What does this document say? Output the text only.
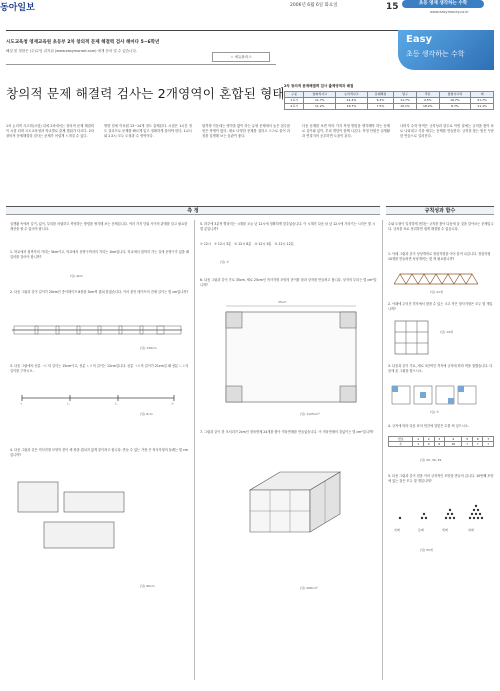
동아일보	2006년 6월 6일 화요일	15	초등 영재 생각하는 수학
www.easymoney.co.kr
Easy
초등 생각하는 수학
시도교육청 영재교육원 초등부 2차 창의적 문제 해결력 검사 해마다 5~6학년
해설 및 정답은 (주)무엇 쥐지워 (www.easymonsel.com) 에게 문의 및 수 있습니다.
☆ 에듀플러스
창의적 문제 해결력 검사는 2개영역이 혼합된 형태 2차 창의적 문제해결력 검사 출제영역과 배점
구분	창의적사고	논리적사고	문제해결	탐구	추론	종합사고력	계
1교시	11.7%	21.4%	6.3%	11.7%	4.5%	16.7%	51.7%
2교시	11.2%	16.7%	7.5%	10.1%	18.2%	8.7%	11.1%
1차 논리적 사고력(시험) 뒤에 2차에서는 창의적 문제 해결력이 시험 되며 시도교육청과 학교별로 출제 범위가 다르다. 2차 창의적 문제해결력 검사는 문제가 어렵게 느껴질 수 있다.
방향 밑에 이처럼 13~14개 정도 출제된다. 시험은 1시간 정도 걸리므로 문제를 빠르게 읽고 정확하게 풀어야 한다. 1교시와 2교시 모두 도형과 수 영역이다.
합격생 가운데는 생각을 많이 하는 유형 문제에서 높은 점수를 얻은 학생이 많다. 평소 다양한 문제를 접하고 스스로 풀이 과정을 설명해 보는 습관이 좋다.
다음 문제를 보면 여러 가지 측정 방법을 생각해야 하는 문제로 길이와 넓이, 부피 개념이 함께 나온다. 측정 단원은 실생활과 연결지어 공부하면 도움이 된다.
나머지 수학 영역은 규칙성과 함수로 이번 달에는 규칙을 찾아 표로 나타내고 식을 세우는 문제를 연습한다. 규칙을 찾는 힘은 꾸준한 연습으로 길러진다.
측 정	규칙성과 함수
실생활 속에서 길이, 넓이, 부피를 어림하고 측정하는 방법을 생각해 보는 문제입니다. 여러 가지 단위 사이의 관계를 알고 필요한 계산을 할 수 있어야 합니다.
1. 학교에서 집까지의 거리는 5km이고, 학교에서 문방구까지의 거리는 1km입니다. 학교에서 집까지 가는 길에 문방구가 있을 때 얼마를 걸어야 합니까?
(답) 4km
2. 다음 그림과 같이 길이가 20cm인 종이테이프 8장을 3cm씩 겹쳐 붙였습니다. 이어 붙인 테이프의 전체 길이는 몇 cm입니까?
(답) 139cm
3. 다음 그림에서 선분 ㄱㄷ의 길이는 15cm이고, 선분 ㄴㄹ의 길이는 12cm입니다. 선분 ㄱㄹ의 길이가 21cm일 때 선분 ㄴㄷ의 길이를 구하시오.
ㄱ	ㄴ	ㄷ	ㄹ
(답) 6cm
4. 다음 그림과 같은 직사각형 모양의 종이 세 장을 겹치지 않게 붙이려고 합니다. 만들 수 있는 가장 큰 직사각형의 둘레는 몇 cm입니까?
(답) 96cm
5. 하루에 3분씩 빨라지는 시계를 오늘 낮 12시에 정확하게 맞추었습니다. 이 시계가 다음 날 낮 12시에 가리키는 시각은 몇 시 몇 분입니까?
① 12시 ② 12시 3분 ③ 12시 6분 ④ 12시 9분 ⑤ 12시 12분
(답) ②
6. 다음 그림과 같이 가로 35cm, 세로 25cm인 직사각형 모양의 종이를 잘라 상자를 만들려고 합니다. 상자의 부피는 몇 cm³입니까?
35cm
(답) 1125cm³
7. 그림과 같이 한 모서리가 2cm인 정육면체 24개를 쌓아 직육면체를 만들었습니다. 이 직육면체의 겉넓이는 몇 cm²입니까?
(답) 208cm²
수와 도형이 일정하게 변하는 규칙을 찾아 다음에 올 것을 알아보는 문제입니다. 규칙을 표로 정리하면 쉽게 해결할 수 있습니다.
1. 아래 그림과 같이 성냥개비로 정삼각형을 이어 붙여 나갑니다. 정삼각형 10개를 만들려면 성냥개비는 몇 개 필요합니까?
(답) 21개
2. 아래에 주어진 격자에서 찾을 수 있는 크고 작은 정사각형은 모두 몇 개입니까?
(답) 14개
3. 다음과 같이 가로, 세로 3칸씩인 격자에 규칙에 따라 색을 칠했습니다. 다음에 올 그림을 찾으시오.
(답) ③
4. 규칙에 따라 다음 표의 빈칸에 알맞은 수를 써 넣으시오.
번호	1	2	3	4	5	6	7
수	1	4	9	16	?	?	?
(답) 25, 36, 49
5. 다음 그림과 같이 점을 이어 규칙적인 모양을 만들어 갑니다. 10번째 모양에 있는 점은 모두 몇 개입니까?
첫째	둘째	셋째	넷째
(답) 55개
